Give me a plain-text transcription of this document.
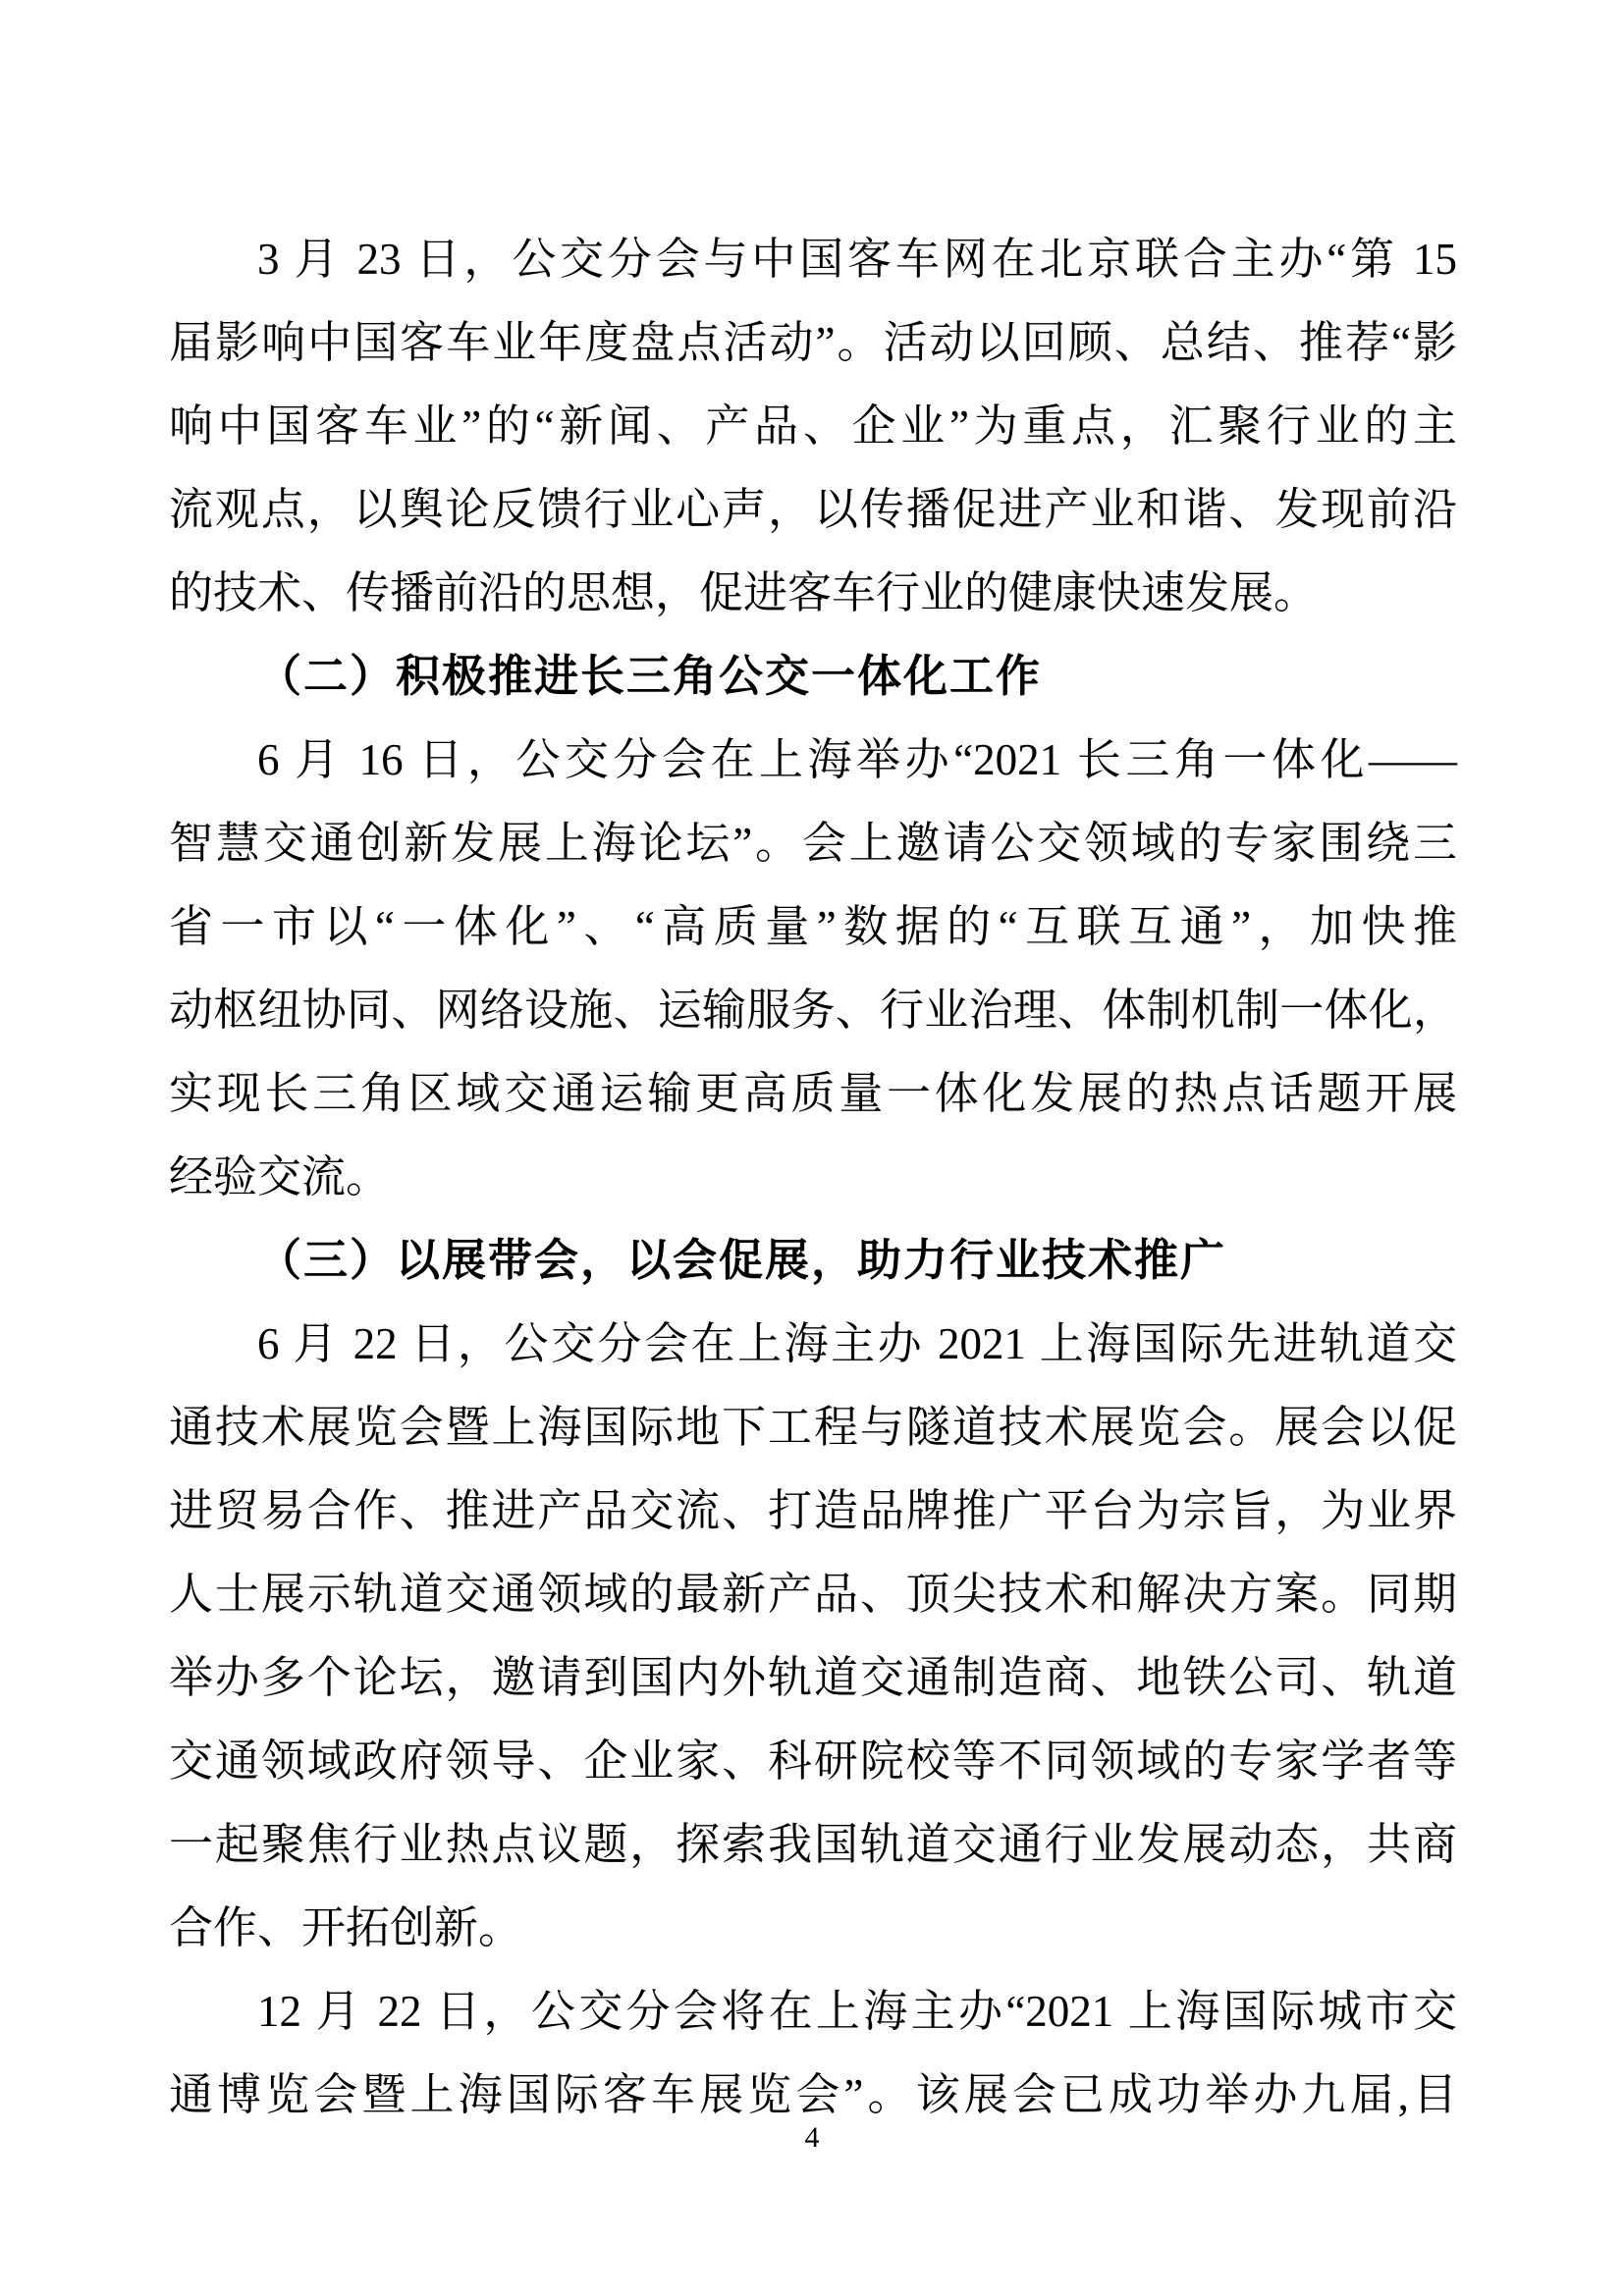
3 月 23 日，公交分会与中国客车网在北京联合主办“第 15
届影响中国客车业年度盘点活动”。活动以回顾、总结、推荐“影
响中国客车业”的“新闻、产品、企业”为重点，汇聚行业的主
流观点，以舆论反馈行业心声，以传播促进产业和谐、发现前沿
的技术、传播前沿的思想，促进客车行业的健康快速发展。
（二）积极推进长三角公交一体化工作
6 月 16 日，公交分会在上海举办“2021 长三角一体化——
智慧交通创新发展上海论坛”。会上邀请公交领域的专家围绕三
省一市以“一体化”、“高质量”数据的“互联互通”，加快推
动枢纽协同、网络设施、运输服务、行业治理、体制机制一体化，
实现长三角区域交通运输更高质量一体化发展的热点话题开展
经验交流。
（三）以展带会，以会促展，助力行业技术推广
6 月 22 日，公交分会在上海主办 2021 上海国际先进轨道交
通技术展览会暨上海国际地下工程与隧道技术展览会。展会以促
进贸易合作、推进产品交流、打造品牌推广平台为宗旨，为业界
人士展示轨道交通领域的最新产品、顶尖技术和解决方案。同期
举办多个论坛，邀请到国内外轨道交通制造商、地铁公司、轨道
交通领域政府领导、企业家、科研院校等不同领域的专家学者等
一起聚焦行业热点议题，探索我国轨道交通行业发展动态，共商
合作、开拓创新。
12 月 22 日，公交分会将在上海主办“2021 上海国际城市交
通博览会暨上海国际客车展览会”。该展会已成功举办九届,目
4
